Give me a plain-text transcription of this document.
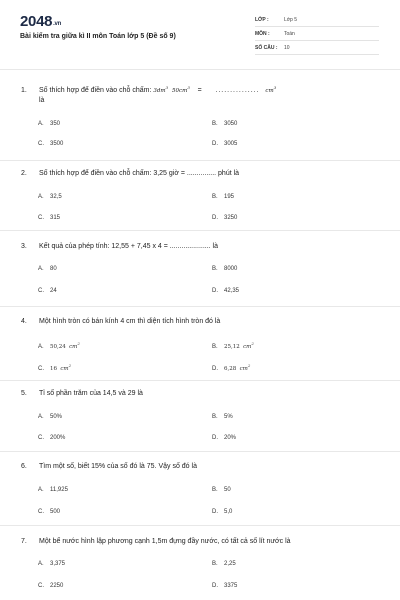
2048.vn
Bài kiểm tra giữa kì II môn Toán lớp 5 (Đề số 9)
LỚP :	Lớp 5
MÔN :	Toán
SỐ CÂU : 10
1. Số thích hợp để điền vào chỗ chấm: $3dm^3$  $50cm^3$ = ............... $cm^3$
là
A. 350	B. 3050
C. 3500	D. 3005
2. Số thích hợp để điền vào chỗ chấm: 3,25 giờ = ............... phút là
A. 32,5	B. 195
C. 315	D. 3250
3. Kết quả của phép tính: 12,55 + 7,45 x 4 = ..................... là
A. 80	B. 8000
C. 24	D. 42,35
4. Một hình tròn có bán kính 4 cm thì diện tích hình tròn đó là
A. 50,24 $cm^2$
B. 25,12 $cm^2$
C. 16 $cm^2$
D. 6,28 $cm^2$
5. Tỉ số phần trăm của 14,5 và 29 là
A. 50%	B. 5%
C. 200%	D. 20%
6. Tìm một số, biết 15% của số đó là 75. Vậy số đó là
A. 11,925	B. 50
C. 500	D. 5,0
7. Một bể nước hình lập phương cạnh 1,5m đựng đầy nước, có tất cả số lít nước là
A. 3,375	B. 2,25
C. 2250	D. 3375
